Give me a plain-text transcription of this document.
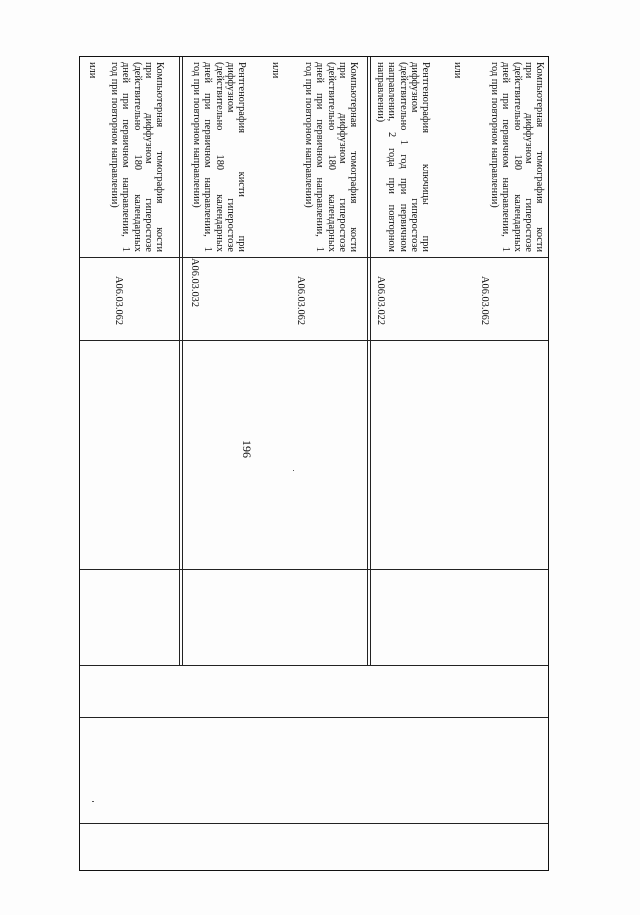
196
или	Компьютерная томография кости
при диффузном гиперостозе
(действительно 180 календарных
дней при первичном направлении, 1
год при повторном направлении)
A06.03.062
Рентгенография кисти при
диффузном гиперостозе
(действительно 180 календарных
дней при первичном направлении, 1
год при повторном направлении)
A06.03.032
или	Компьютерная томография кости
при диффузном гиперостозе
(действительно 180 календарных
дней при первичном направлении, 1
год при повторном направлении)
A06.03.062
Рентгенография ключицы при
диффузном гиперостозе
(действительно 1 год при первичном
направлении, 2 года при повторном
направлении)
A06.03.022
или	Компьютерная томография кости
при диффузном гиперостозе
(действительно 180 календарных
дней при первичном направлении, 1
год при повторном направлении)
A06.03.062
